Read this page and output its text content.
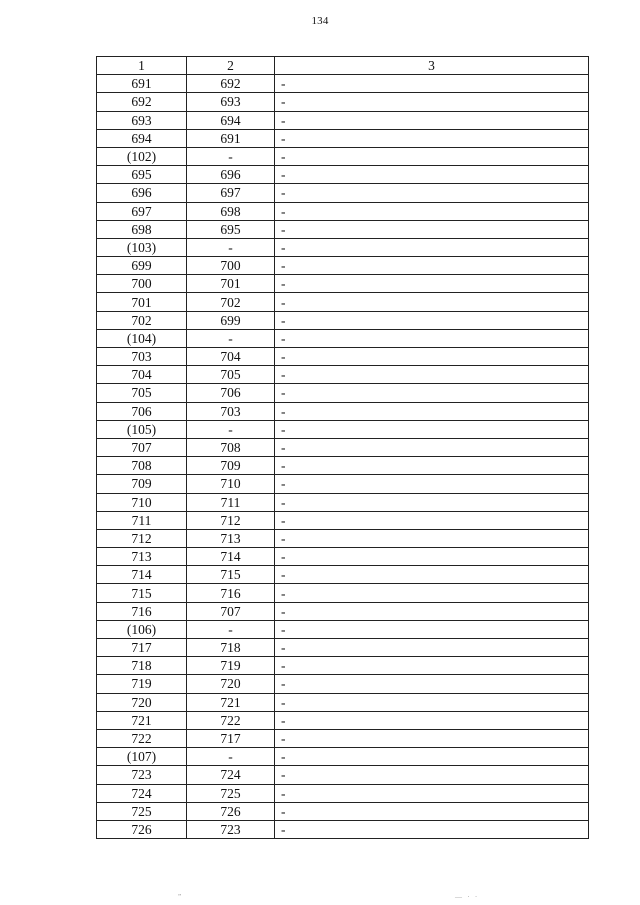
134
1	2	3
691	692	-
692	693	-
693	694	-
694	691	-
(102)	-	-
695	696	-
696	697	-
697	698	-
698	695	-
(103)	-	-
699	700	-
700	701	-
701	702	-
702	699	-
(104)	-	-
703	704	-
704	705	-
705	706	-
706	703	-
(105)	-	-
707	708	-
708	709	-
709	710	-
710	711	-
711	712	-
712	713	-
713	714	-
714	715	-
715	716	-
716	707	-
(106)	-	-
717	718	-
718	719	-
719	720	-
720	721	-
721	722	-
722	717	-
(107)	-	-
723	724	-
724	725	-
725	726	-
726	723	-
”	—   ·   ·
